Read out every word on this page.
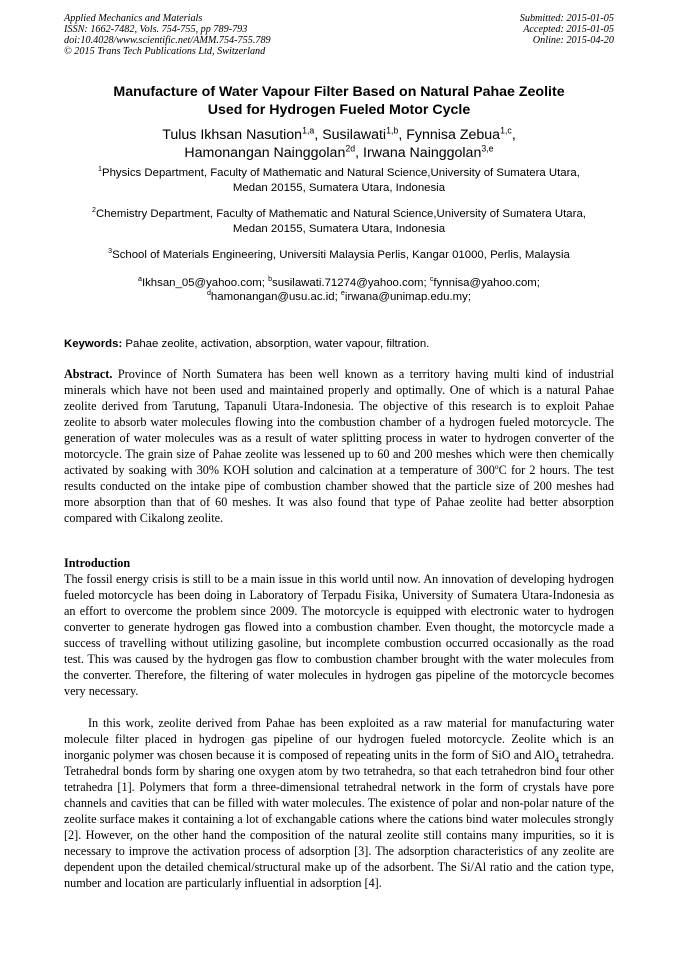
Applied Mechanics and Materials
ISSN: 1662-7482, Vols. 754-755, pp 789-793
doi:10.4028/www.scientific.net/AMM.754-755.789
© 2015 Trans Tech Publications Ltd, Switzerland
Submitted: 2015-01-05
Accepted: 2015-01-05
Online: 2015-04-20
Manufacture of Water Vapour Filter Based on Natural Pahae Zeolite
Used for Hydrogen Fueled Motor Cycle
Tulus Ikhsan Nasution$^{1,a}$, Susilawati$^{1,b}$, Fynnisa Zebua$^{1,c}$,
Hamonangan Nainggolan$^{2d}$, Irwana Nainggolan$^{3,e}$
$^1$Physics Department, Faculty of Mathematic and Natural Science,University of Sumatera Utara,
Medan 20155, Sumatera Utara, Indonesia
$^2$Chemistry Department, Faculty of Mathematic and Natural Science,University of Sumatera Utara,
Medan 20155, Sumatera Utara, Indonesia
$^3$School of Materials Engineering, Universiti Malaysia Perlis, Kangar 01000, Perlis, Malaysia
$^a$Ikhsan_05@yahoo.com; $^b$susilawati.71274@yahoo.com; $^c$fynnisa@yahoo.com;
$^d$hamonangan@usu.ac.id; $^e$irwana@unimap.edu.my;
Keywords: Pahae zeolite, activation, absorption, water vapour, filtration.
Abstract. Province of North Sumatera has been well known as a territory having multi kind of industrial minerals which have not been used and maintained properly and optimally. One of which is a natural Pahae zeolite derived from Tarutung, Tapanuli Utara-Indonesia. The objective of this research is to exploit Pahae zeolite to absorb water molecules flowing into the combustion chamber of a hydrogen fueled motorcycle. The generation of water molecules was as a result of water splitting process in water to hydrogen converter of the motorcycle. The grain size of Pahae zeolite was lessened up to 60 and 200 meshes which were then chemically activated by soaking with 30% KOH solution and calcination at a temperature of 300$^o$C for 2 hours. The test results conducted on the intake pipe of combustion chamber showed that the particle size of 200 meshes had more absorption than that of 60 meshes. It was also found that type of Pahae zeolite had better absorption compared with Cikalong zeolite.
Introduction
The fossil energy crisis is still to be a main issue in this world until now. An innovation of developing hydrogen fueled motorcycle has been doing in Laboratory of Terpadu Fisika, University of Sumatera Utara-Indonesia as an effort to overcome the problem since 2009. The motorcycle is equipped with electronic water to hydrogen converter to generate hydrogen gas flowed into a combustion chamber. Even thought, the motorcycle made a success of travelling without utilizing gasoline, but incomplete combustion occurred occasionally as the road test. This was caused by the hydrogen gas flow to combustion chamber brought with the water molecules from the converter. Therefore, the filtering of water molecules in hydrogen gas pipeline of the motorcycle becomes very necessary.
In this work, zeolite derived from Pahae has been exploited as a raw material for manufacturing water molecule filter placed in hydrogen gas pipeline of our hydrogen fueled motorcycle. Zeolite which is an inorganic polymer was chosen because it is composed of repeating units in the form of SiO and AlO$_4$ tetrahedra. Tetrahedral bonds form by sharing one oxygen atom by two tetrahedra, so that each tetrahedron bind four other tetrahedra [1]. Polymers that form a three-dimensional tetrahedral network in the form of crystals have pore channels and cavities that can be filled with water molecules. The existence of polar and non-polar nature of the zeolite surface makes it containing a lot of exchangable cations where the cations bind water molecules strongly [2]. However, on the other hand the composition of the natural zeolite still contains many impurities, so it is necessary to improve the activation process of adsorption [3]. The adsorption characteristics of any zeolite are dependent upon the detailed chemical/structural make up of the adsorbent. The Si/Al ratio and the cation type, number and location are particularly influential in adsorption [4].
